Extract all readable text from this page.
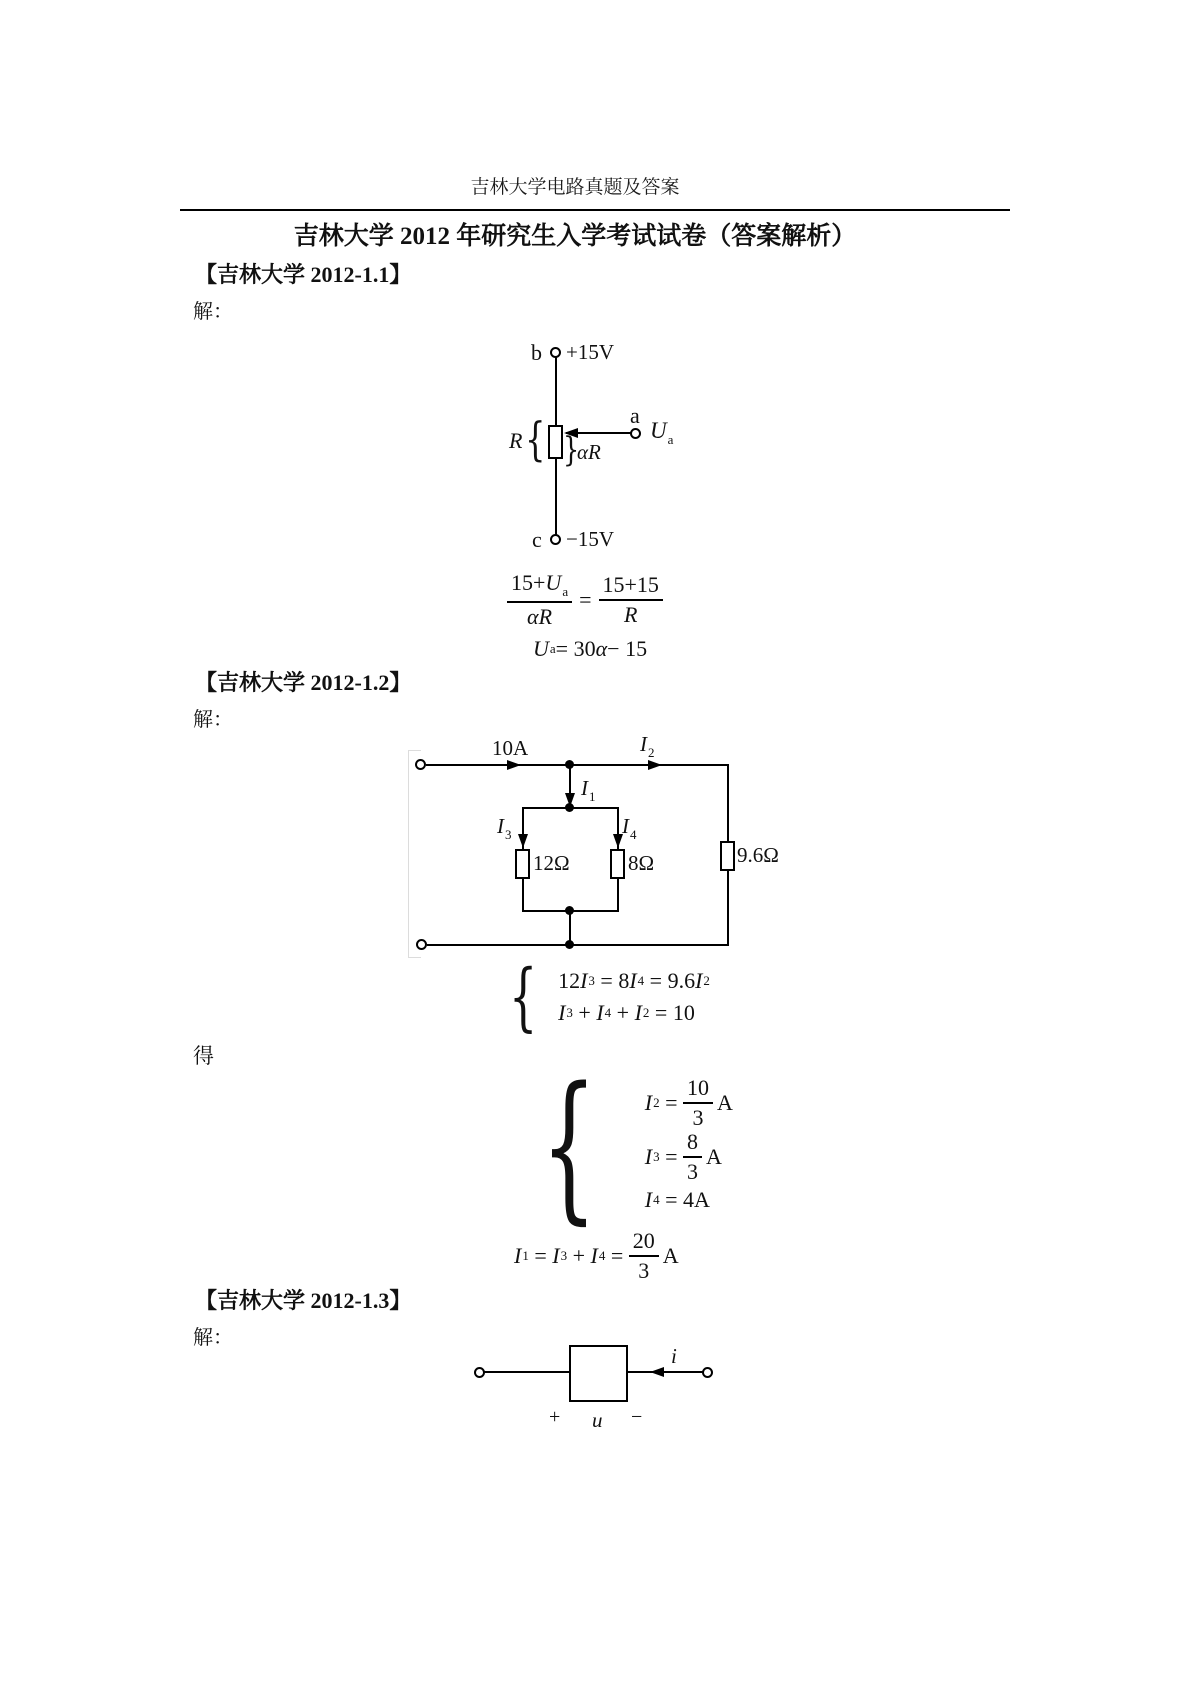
吉林大学电路真题及答案
吉林大学 2012 年研究生入学考试试卷（答案解析）
【吉林大学 2012-1.1】
解：
b +15V
R {	a
$U_a$
}
αR
c −15V
$\frac{15+U_a}{\alpha R} = \frac{15+15}{R}$
U a = 30 α − 15
【吉林大学 2012-1.2】
解：
10A	$I_2$
9.6Ω
$I_1$
$I_3$
12Ω
$I_4$
8Ω
{ 12 I 3 = 8 I 4 = 9.6 I 2
I 3 + I 4 + I 2 = 10
得 { I $2 = \frac{10}{3}$ A
I $3 = \frac{8}{3}$ A
I 4 = 4A
I 1 = I 3 + I $4 = \frac{20}{3}$ A
【吉林大学 2012-1.3】
解：
i
+ u −
